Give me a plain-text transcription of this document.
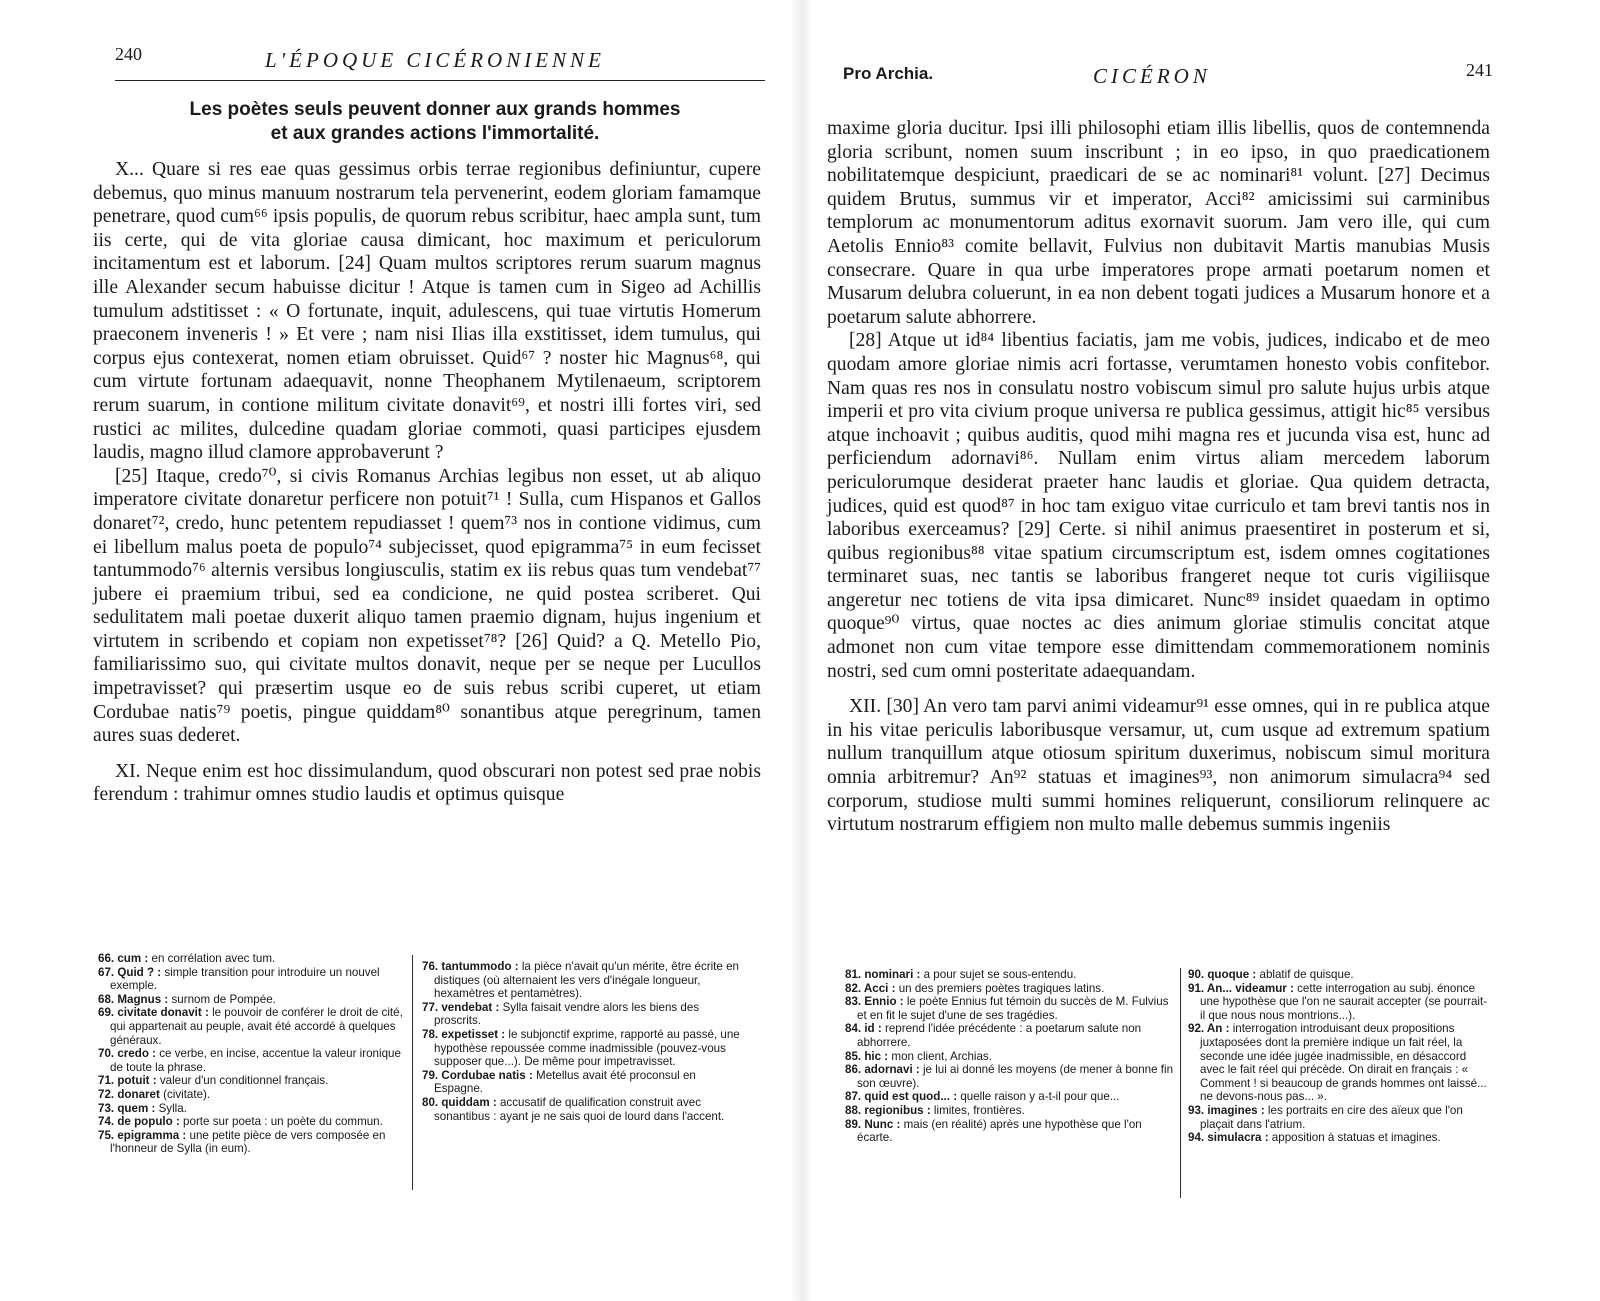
240	L'ÉPOQUE CICÉRONIENNE
Les poètes seuls peuvent donner aux grands hommes
et aux grandes actions l'immortalité.

X... Quare si res eae quas gessimus orbis terrae regionibus definiuntur, cupere debemus, quo minus manuum nostrarum tela pervenerint, eodem gloriam famamque penetrare, quod cum⁶⁶ ipsis populis, de quorum rebus scribitur, haec ampla sunt, tum iis certe, qui de vita gloriae causa dimicant, hoc maximum et periculorum incitamentum est et laborum. [24] Quam multos scriptores rerum suarum magnus ille Alexander secum habuisse dicitur ! Atque is tamen cum in Sigeo ad Achillis tumulum adstitisset : « O fortunate, inquit, adulescens, qui tuae virtutis Homerum praeconem inveneris ! » Et vere ; nam nisi Ilias illa exstitisset, idem tumulus, qui corpus ejus contexerat, nomen etiam obruisset. Quid⁶⁷ ? noster hic Magnus⁶⁸, qui cum virtute fortunam adaequavit, nonne Theophanem Mytilenaeum, scriptorem rerum suarum, in contione militum civitate donavit⁶⁹, et nostri illi fortes viri, sed rustici ac milites, dulcedine quadam gloriae commoti, quasi participes ejusdem laudis, magno illud clamore approbaverunt ?

[25] Itaque, credo⁷⁰, si civis Romanus Archias legibus non esset, ut ab aliquo imperatore civitate donaretur perficere non potuit⁷¹ ! Sulla, cum Hispanos et Gallos donaret⁷², credo, hunc petentem repudiasset ! quem⁷³ nos in contione vidimus, cum ei libellum malus poeta de populo⁷⁴ subjecisset, quod epigramma⁷⁵ in eum fecisset tantummodo⁷⁶ alternis versibus longiusculis, statim ex iis rebus quas tum vendebat⁷⁷ jubere ei praemium tribui, sed ea condicione, ne quid postea scriberet. Qui sedulitatem mali poetae duxerit aliquo tamen praemio dignam, hujus ingenium et virtutem in scribendo et copiam non expetisset⁷⁸? [26] Quid? a Q. Metello Pio, familiarissimo suo, qui civitate multos donavit, neque per se neque per Lucullos impetravisset? qui præsertim usque eo de suis rebus scribi cuperet, ut etiam Cordubae natis⁷⁹ poetis, pingue quiddam⁸⁰ sonantibus atque peregrinum, tamen aures suas dederet.

XI. Neque enim est hoc dissimulandum, quod obscurari non potest sed prae nobis ferendum : trahimur omnes studio laudis et optimus quisque

66. cum : en corrélation avec tum.

67. Quid ? : simple transition pour introduire un nouvel exemple.

68. Magnus : surnom de Pompée.

69. civitate donavit : le pouvoir de conférer le droit de cité, qui appartenait au peuple, avait été accordé à quelques généraux.

70. credo : ce verbe, en incise, accentue la valeur ironique de toute la phrase.

71. potuit : valeur d'un conditionnel français.

72. donaret (civitate).

73. quem : Sylla.

74. de populo : porte sur poeta : un poète du commun.

75. epigramma : une petite pièce de vers composée en l'honneur de Sylla (in eum).

76. tantummodo : la pièce n'avait qu'un mérite, être écrite en distiques (où alternaient les vers d'inégale longueur, hexamètres et pentamètres).

77. vendebat : Sylla faisait vendre alors les biens des proscrits.

78. expetisset : le subjonctif exprime, rapporté au passé, une hypothèse repoussée comme inadmissible (pouvez-vous supposer que...). De même pour impetravisset.

79. Cordubae natis : Metellus avait été proconsul en Espagne.

80. quiddam : accusatif de qualification construit avec sonantibus : ayant je ne sais quoi de lourd dans l'accent.

Pro Archia.	CICÉRON	241

maxime gloria ducitur. Ipsi illi philosophi etiam illis libellis, quos de contemnenda gloria scribunt, nomen suum inscribunt ; in eo ipso, in quo praedicationem nobilitatemque despiciunt, praedicari de se ac nominari⁸¹ volunt. [27] Decimus quidem Brutus, summus vir et imperator, Acci⁸² amicissimi sui carminibus templorum ac monumentorum aditus exornavit suorum. Jam vero ille, qui cum Aetolis Ennio⁸³ comite bellavit, Fulvius non dubitavit Martis manubias Musis consecrare. Quare in qua urbe imperatores prope armati poetarum nomen et Musarum delubra coluerunt, in ea non debent togati judices a Musarum honore et a poetarum salute abhorrere.

[28] Atque ut id⁸⁴ libentius faciatis, jam me vobis, judices, indicabo et de meo quodam amore gloriae nimis acri fortasse, verumtamen honesto vobis confitebor. Nam quas res nos in consulatu nostro vobiscum simul pro salute hujus urbis atque imperii et pro vita civium proque universa re publica gessimus, attigit hic⁸⁵ versibus atque inchoavit ; quibus auditis, quod mihi magna res et jucunda visa est, hunc ad perficiendum adornavi⁸⁶. Nullam enim virtus aliam mercedem laborum periculorumque desiderat praeter hanc laudis et gloriae. Qua quidem detracta, judices, quid est quod⁸⁷ in hoc tam exiguo vitae curriculo et tam brevi tantis nos in laboribus exerceamus? [29] Certe. si nihil animus praesentiret in posterum et si, quibus regionibus⁸⁸ vitae spatium circumscriptum est, isdem omnes cogitationes terminaret suas, nec tantis se laboribus frangeret neque tot curis vigiliisque angeretur nec totiens de vita ipsa dimicaret. Nunc⁸⁹ insidet quaedam in optimo quoque⁹⁰ virtus, quae noctes ac dies animum gloriae stimulis concitat atque admonet non cum vitae tempore esse dimittendam commemorationem nominis nostri, sed cum omni posteritate adaequandam.

XII. [30] An vero tam parvi animi videamur⁹¹ esse omnes, qui in re publica atque in his vitae periculis laboribusque versamur, ut, cum usque ad extremum spatium nullum tranquillum atque otiosum spiritum duxerimus, nobiscum simul moritura omnia arbitremur? An⁹² statuas et imagines⁹³, non animorum simulacra⁹⁴ sed corporum, studiose multi summi homines reliquerunt, consiliorum relinquere ac virtutum nostrarum effigiem non multo malle debemus summis ingeniis

81. nominari : a pour sujet se sous-entendu.

82. Acci : un des premiers poètes tragiques latins.

83. Ennio : le poète Ennius fut témoin du succès de M. Fulvius et en fit le sujet d'une de ses tragédies.

84. id : reprend l'idée précédente : a poetarum salute non abhorrere.

85. hic : mon client, Archias.

86. adornavi : je lui ai donné les moyens (de mener à bonne fin son œuvre).

87. quid est quod... : quelle raison y a-t-il pour que...

88. regionibus : limites, frontières.

89. Nunc : mais (en réalité) après une hypothèse que l'on écarte.

90. quoque : ablatif de quisque.

91. An... videamur : cette interrogation au subj. énonce une hypothèse que l'on ne saurait accepter (se pourrait-il que nous nous montrions...).

92. An : interrogation introduisant deux propositions juxtaposées dont la première indique un fait réel, la seconde une idée jugée inadmissible, en désaccord avec le fait réel qui précède. On dirait en français : « Comment ! si beaucoup de grands hommes ont laissé... ne devons-nous pas... ».

93. imagines : les portraits en cire des aïeux que l'on plaçait dans l'atrium.

94. simulacra : apposition à statuas et imagines.
